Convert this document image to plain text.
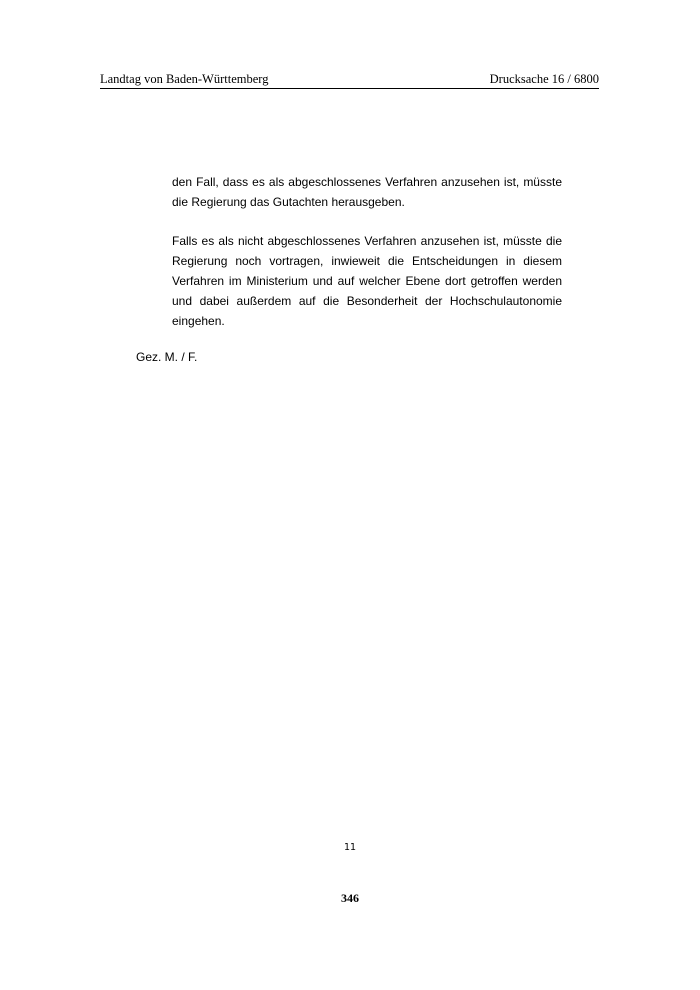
Landtag von Baden-Württemberg	Drucksache 16 / 6800

den Fall, dass es als abgeschlossenes Verfahren anzusehen ist, müsste die Regierung das Gutachten herausgeben.

Falls es als nicht abgeschlossenes Verfahren anzusehen ist, müsste die Regierung noch vortragen, inwieweit die Entscheidungen in diesem Verfahren im Ministerium und auf welcher Ebene dort getroffen werden und dabei außerdem auf die Besonderheit der Hochschulautonomie eingehen.

Gez. M. / F.
11
346
